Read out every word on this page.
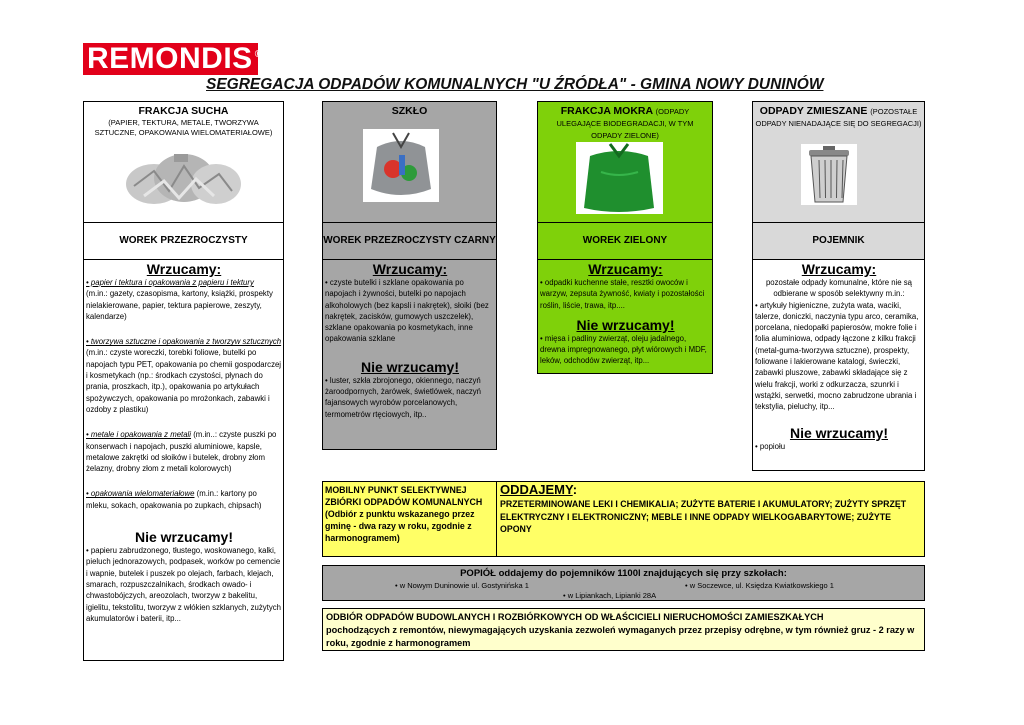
REMONDIS ®
SEGREGACJA ODPADÓW KOMUNALNYCH "U ŹRÓDŁA" - GMINA NOWY DUNINÓW
FRAKCJA SUCHA
(PAPIER, TEKTURA, METALE, TWORZYWA SZTUCZNE, OPAKOWANIA WIELOMATERIAŁOWE)
WOREK PRZEZROCZYSTY
Wrzucamy:

• papier i tektura i opakowania z papieru i tektury
(m.in.: gazety, czasopisma, kartony, książki, prospekty nielakierowane, papier, tektura papierowe, zeszyty, kalendarze)

• tworzywa sztuczne i opakowania z tworzyw sztucznych (m.in.: czyste woreczki, torebki foliowe, butelki po napojach typu PET, opakowania po chemii gospodarczej i kosmetykach (np.: środkach czystości, płynach do prania, proszkach, itp.), opakowania po artykułach spożywczych, opakowania po mrożonkach, zabawki i ozdoby z plastiku)

• metale i opakowania z metali (m.in..: czyste puszki po konserwach i napojach, puszki aluminiowe, kapsle, metalowe zakrętki od słoików i butelek, drobny złom żelazny, drobny złom z metali kolorowych)

• opakowania wielomateriałowe (m.in.: kartony po mleku, sokach, opakowania po zupkach, chipsach)

Nie wrzucamy!

• papieru zabrudzonego, tłustego, woskowanego, kalki, pieluch jednorazowych, podpasek, worków po cemencie i wapnie, butelek i puszek po olejach, farbach, klejach, smarach, rozpuszczalnikach, środkach owado- i chwastobójczych, areozolach, tworzyw z bakelitu, igielitu, tekstolitu, tworzyw z włókien szklanych, zużytych akumulatorów i baterii, itp...

SZKŁO
WOREK PRZEZROCZYSTY CZARNY
Wrzucamy:

• czyste butelki i szklane opakowania po napojach i żywności, butelki po napojach alkoholowych (bez kapsli i nakrętek), słoiki (bez nakrętek, zacisków, gumowych uszczelek), szklane opakowania po kosmetykach, inne opakowania szklane

Nie wrzucamy!

• luster, szkła zbrojonego, okiennego, naczyń żaroodpornych, żarówek, świetlówek, naczyń fajansowych wyrobów porcelanowych, termometrów rtęciowych, itp..

FRAKCJA MOKRA (ODPADY ULEGAJĄCE BIODEGRADACJI, W TYM ODPADY ZIELONE)
WOREK ZIELONY
Wrzucamy:

• odpadki kuchenne stałe, resztki owoców i warzyw, zepsuta żywność, kwiaty i pozostałości roślin, liście, trawa, itp....

Nie wrzucamy!

• mięsa i padliny zwierząt, oleju jadalnego, drewna impregnowanego, płyt wiórowych i MDF, leków, odchodów zwierząt, itp...

ODPADY ZMIESZANE (POZOSTAŁE ODPADY NIENADAJĄCE SIĘ DO SEGREGACJI)
POJEMNIK
Wrzucamy:

pozostałe odpady komunalne, które nie są odbierane w sposób selektywny m.in.:

• artykuły higieniczne, zużyta wata, waciki, talerze, doniczki, naczynia typu arco, ceramika, porcelana, niedopałki papierosów, mokre folie i folia aluminiowa, odpady łączone z kilku frakcji (metal-guma-tworzywa sztuczne), prospekty, foliowane i lakierowane katalogi, świeczki, zabawki pluszowe, zabawki składające się z wielu frakcji, worki z odkurzacza, szunrki i wstążki, serwetki, mocno zabrudzone ubrania i tekstylia, pieluchy, itp...

Nie wrzucamy!

• popiołu

MOBILNY PUNKT SELEKTYWNEJ ZBIÓRKI ODPADÓW KOMUNALNYCH
(Odbiór z punktu wskazanego przez gminę - dwa razy w roku, zgodnie z harmonogramem)
ODDAJEMY:
PRZETERMINOWANE LEKI I CHEMIKALIA; ZUŻYTE BATERIE I AKUMULATORY; ZUŻYTY SPRZĘT ELEKTRYCZNY I ELEKTRONICZNY; MEBLE I INNE ODPADY WIELKOGABARYTOWE; ZUŻYTE OPONY
POPIÓŁ oddajemy do pojemników 1100l znajdujących się przy szkołach:
• w Nowym Duninowie ul. Gostynińska 1	• w Soczewce, ul. Księdza Kwiatkowskiego 1
• w Lipiankach, Lipianki 28A
ODBIÓR ODPADÓW BUDOWLANYCH I ROZBIÓRKOWYCH OD WŁAŚCICIELI NIERUCHOMOŚCI ZAMIESZKAŁYCH
pochodzących z remontów, niewymagających uzyskania zezwoleń wymaganych przez przepisy odrębne, w tym również gruz - 2 razy w roku, zgodnie z harmonogramem
